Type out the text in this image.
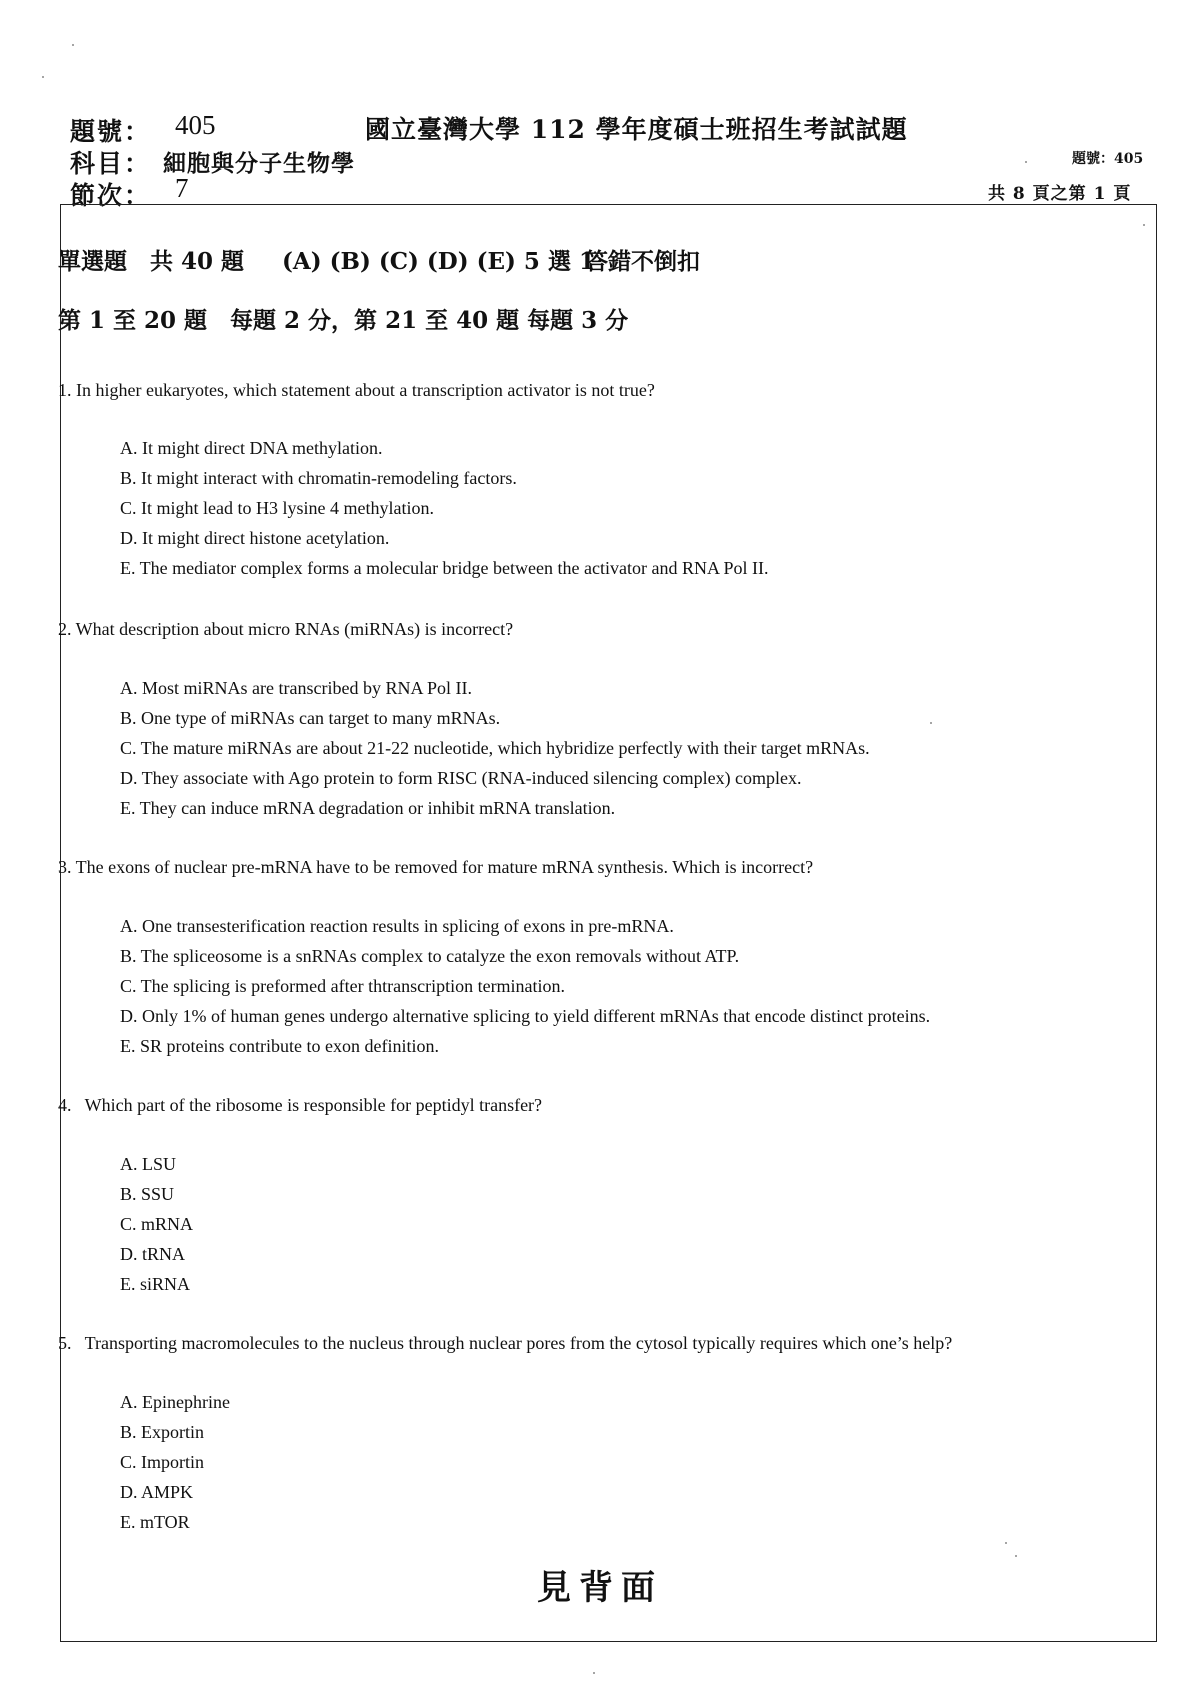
題號： 405	國立臺灣大學 112 學年度碩士班招生考試試題
科目： 細胞與分子生物學	題號：405
節次： 7	共 8 頁之第 1 頁
單選題　共 40 題 (A) (B) (C) (D) (E) 5 選 1
答錯不倒扣
第 1 至 20 題　每題 2 分，第 21 至 40 題 每題 3 分
1. In higher eukaryotes, which statement about a transcription activator is not true?
A. It might direct DNA methylation.
B. It might interact with chromatin-remodeling factors.
C. It might lead to H3 lysine 4 methylation.
D. It might direct histone acetylation.
E. The mediator complex forms a molecular bridge between the activator and RNA Pol II.
2. What description about micro RNAs (miRNAs) is incorrect?
A. Most miRNAs are transcribed by RNA Pol II.
B. One type of miRNAs can target to many mRNAs.
C. The mature miRNAs are about 21-22 nucleotide, which hybridize perfectly with their target mRNAs.
D. They associate with Ago protein to form RISC (RNA-induced silencing complex) complex.
E. They can induce mRNA degradation or inhibit mRNA translation.
3. The exons of nuclear pre-mRNA have to be removed for mature mRNA synthesis. Which is incorrect?
A. One transesterification reaction results in splicing of exons in pre-mRNA.
B. The spliceosome is a snRNAs complex to catalyze the exon removals without ATP.
C. The splicing is preformed after thtranscription termination.
D. Only 1% of human genes undergo alternative splicing to yield different mRNAs that encode distinct proteins.
E. SR proteins contribute to exon definition.
4.   Which part of the ribosome is responsible for peptidyl transfer?
A. LSU
B. SSU
C. mRNA
D. tRNA
E. siRNA
5.   Transporting macromolecules to the nucleus through nuclear pores from the cytosol typically requires which one’s help?
A. Epinephrine
B. Exportin
C. Importin
D. AMPK
E. mTOR
見背面
